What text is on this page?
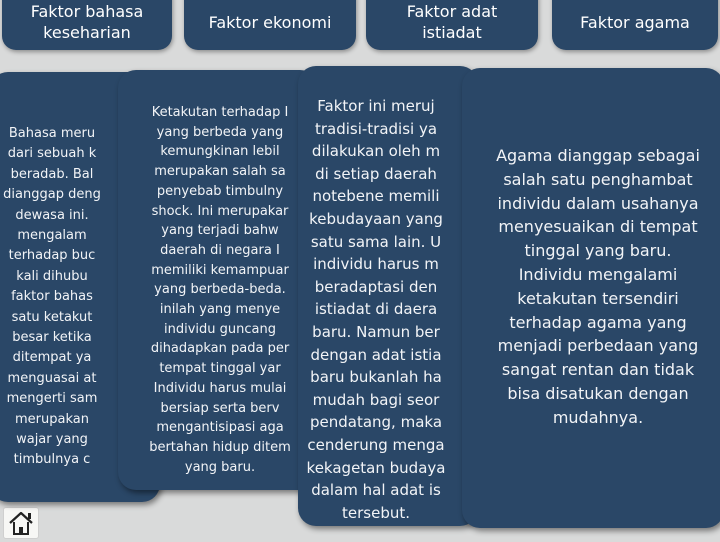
Bahasa meru

dari sebuah k

beradab. Bal

dianggap deng

dewasa ini.

mengalam

terhadap buc

kali dihubu

faktor bahas

satu ketakut

besar ketika

ditempat ya

menguasai at

mengerti sam

merupakan

wajar yang

timbulnya c

Ketakutan terhadap I

yang berbeda yang

kemungkinan lebil

merupakan salah sa

penyebab timbulny

shock. Ini merupakar

yang terjadi bahw

daerah di negara I

memiliki kemampuar

yang berbeda-beda.

inilah yang menye

individu guncang

dihadapkan pada per

tempat tinggal yar

Individu harus mulai

bersiap serta berv

mengantisipasi aga

bertahan hidup ditem

yang baru.

Faktor ini meruj

tradisi-tradisi ya

dilakukan oleh m

di setiap daerah

notebene memili

kebudayaan yang

satu sama lain. U

individu harus m

beradaptasi den

istiadat di daera

baru. Namun ber

dengan adat istia

baru bukanlah ha

mudah bagi seor

pendatang, maka

cenderung menga

kekagetan budaya

dalam hal adat is

tersebut.

Agama dianggap sebagai

salah satu penghambat

individu dalam usahanya

menyesuaikan di tempat

tinggal yang baru.

Individu mengalami

ketakutan tersendiri

terhadap agama yang

menjadi perbedaan yang

sangat rentan dan tidak

bisa disatukan dengan

mudahnya.

Faktor bahasa
keseharian
Faktor ekonomi
Faktor adat
istiadat
Faktor agama
